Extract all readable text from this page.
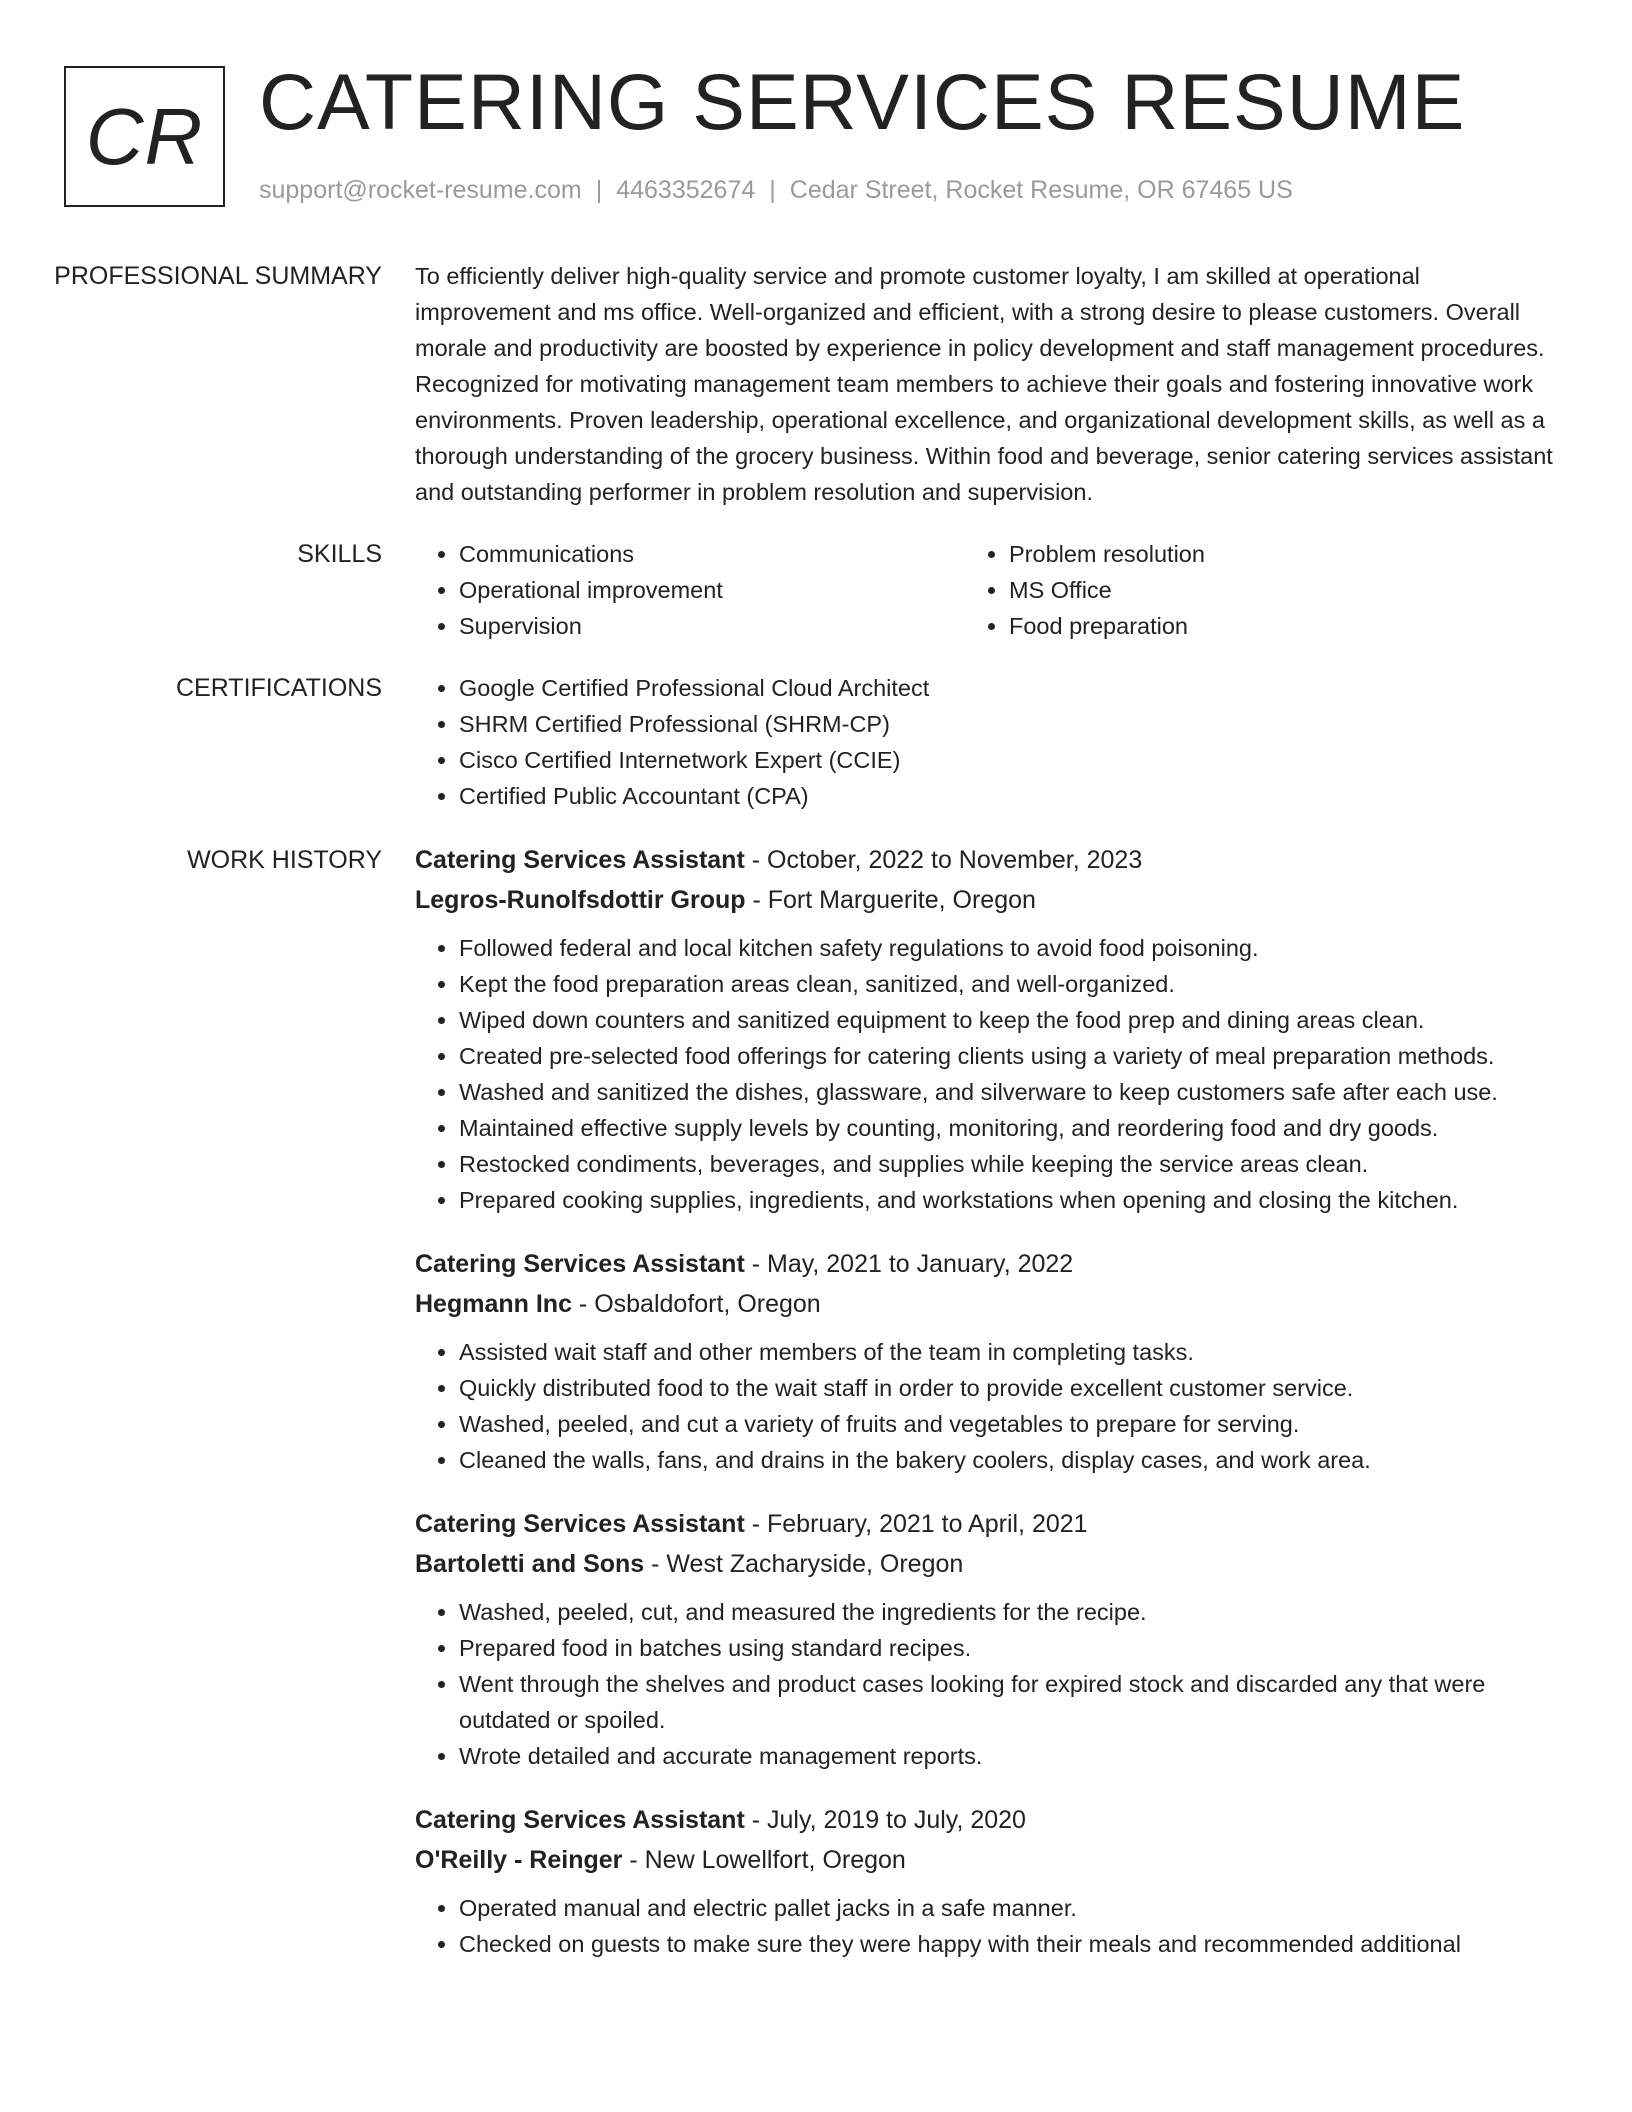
CR CATERING SERVICES RESUME
support@rocket-resume.com | 4463352674 | Cedar Street, Rocket Resume, OR 67465 US
PROFESSIONAL SUMMARY	To efficiently deliver high-quality service and promote customer loyalty, I am skilled at operational improvement and ms office. Well-organized and efficient, with a strong desire to please customers. Overall morale and productivity are boosted by experience in policy development and staff management procedures. Recognized for motivating management team members to achieve their goals and fostering innovative work environments. Proven leadership, operational excellence, and organizational development skills, as well as a thorough understanding of the grocery business. Within food and beverage, senior catering services assistant and outstanding performer in problem resolution and supervision.

SKILLS	• Communications
• Operational improvement
• Supervision
• Problem resolution
• MS Office
• Food preparation
CERTIFICATIONS	• Google Certified Professional Cloud Architect
• SHRM Certified Professional (SHRM-CP)
• Cisco Certified Internetwork Expert (CCIE)
• Certified Public Accountant (CPA)
WORK HISTORY	Catering Services Assistant - October, 2022 to November, 2023
Legros-Runolfsdottir Group - Fort Marguerite, Oregon
• Followed federal and local kitchen safety regulations to avoid food poisoning.
• Kept the food preparation areas clean, sanitized, and well-organized.
• Wiped down counters and sanitized equipment to keep the food prep and dining areas clean.
• Created pre-selected food offerings for catering clients using a variety of meal preparation methods.
• Washed and sanitized the dishes, glassware, and silverware to keep customers safe after each use.
• Maintained effective supply levels by counting, monitoring, and reordering food and dry goods.
• Restocked condiments, beverages, and supplies while keeping the service areas clean.
• Prepared cooking supplies, ingredients, and workstations when opening and closing the kitchen.
Catering Services Assistant - May, 2021 to January, 2022
Hegmann Inc - Osbaldofort, Oregon
• Assisted wait staff and other members of the team in completing tasks.
• Quickly distributed food to the wait staff in order to provide excellent customer service.
• Washed, peeled, and cut a variety of fruits and vegetables to prepare for serving.
• Cleaned the walls, fans, and drains in the bakery coolers, display cases, and work area.
Catering Services Assistant - February, 2021 to April, 2021
Bartoletti and Sons - West Zacharyside, Oregon
• Washed, peeled, cut, and measured the ingredients for the recipe.
• Prepared food in batches using standard recipes.
• Went through the shelves and product cases looking for expired stock and discarded any that were outdated or spoiled.
• Wrote detailed and accurate management reports.
Catering Services Assistant - July, 2019 to July, 2020
O'Reilly - Reinger - New Lowellfort, Oregon
• Operated manual and electric pallet jacks in a safe manner.
• Checked on guests to make sure they were happy with their meals and recommended additional
